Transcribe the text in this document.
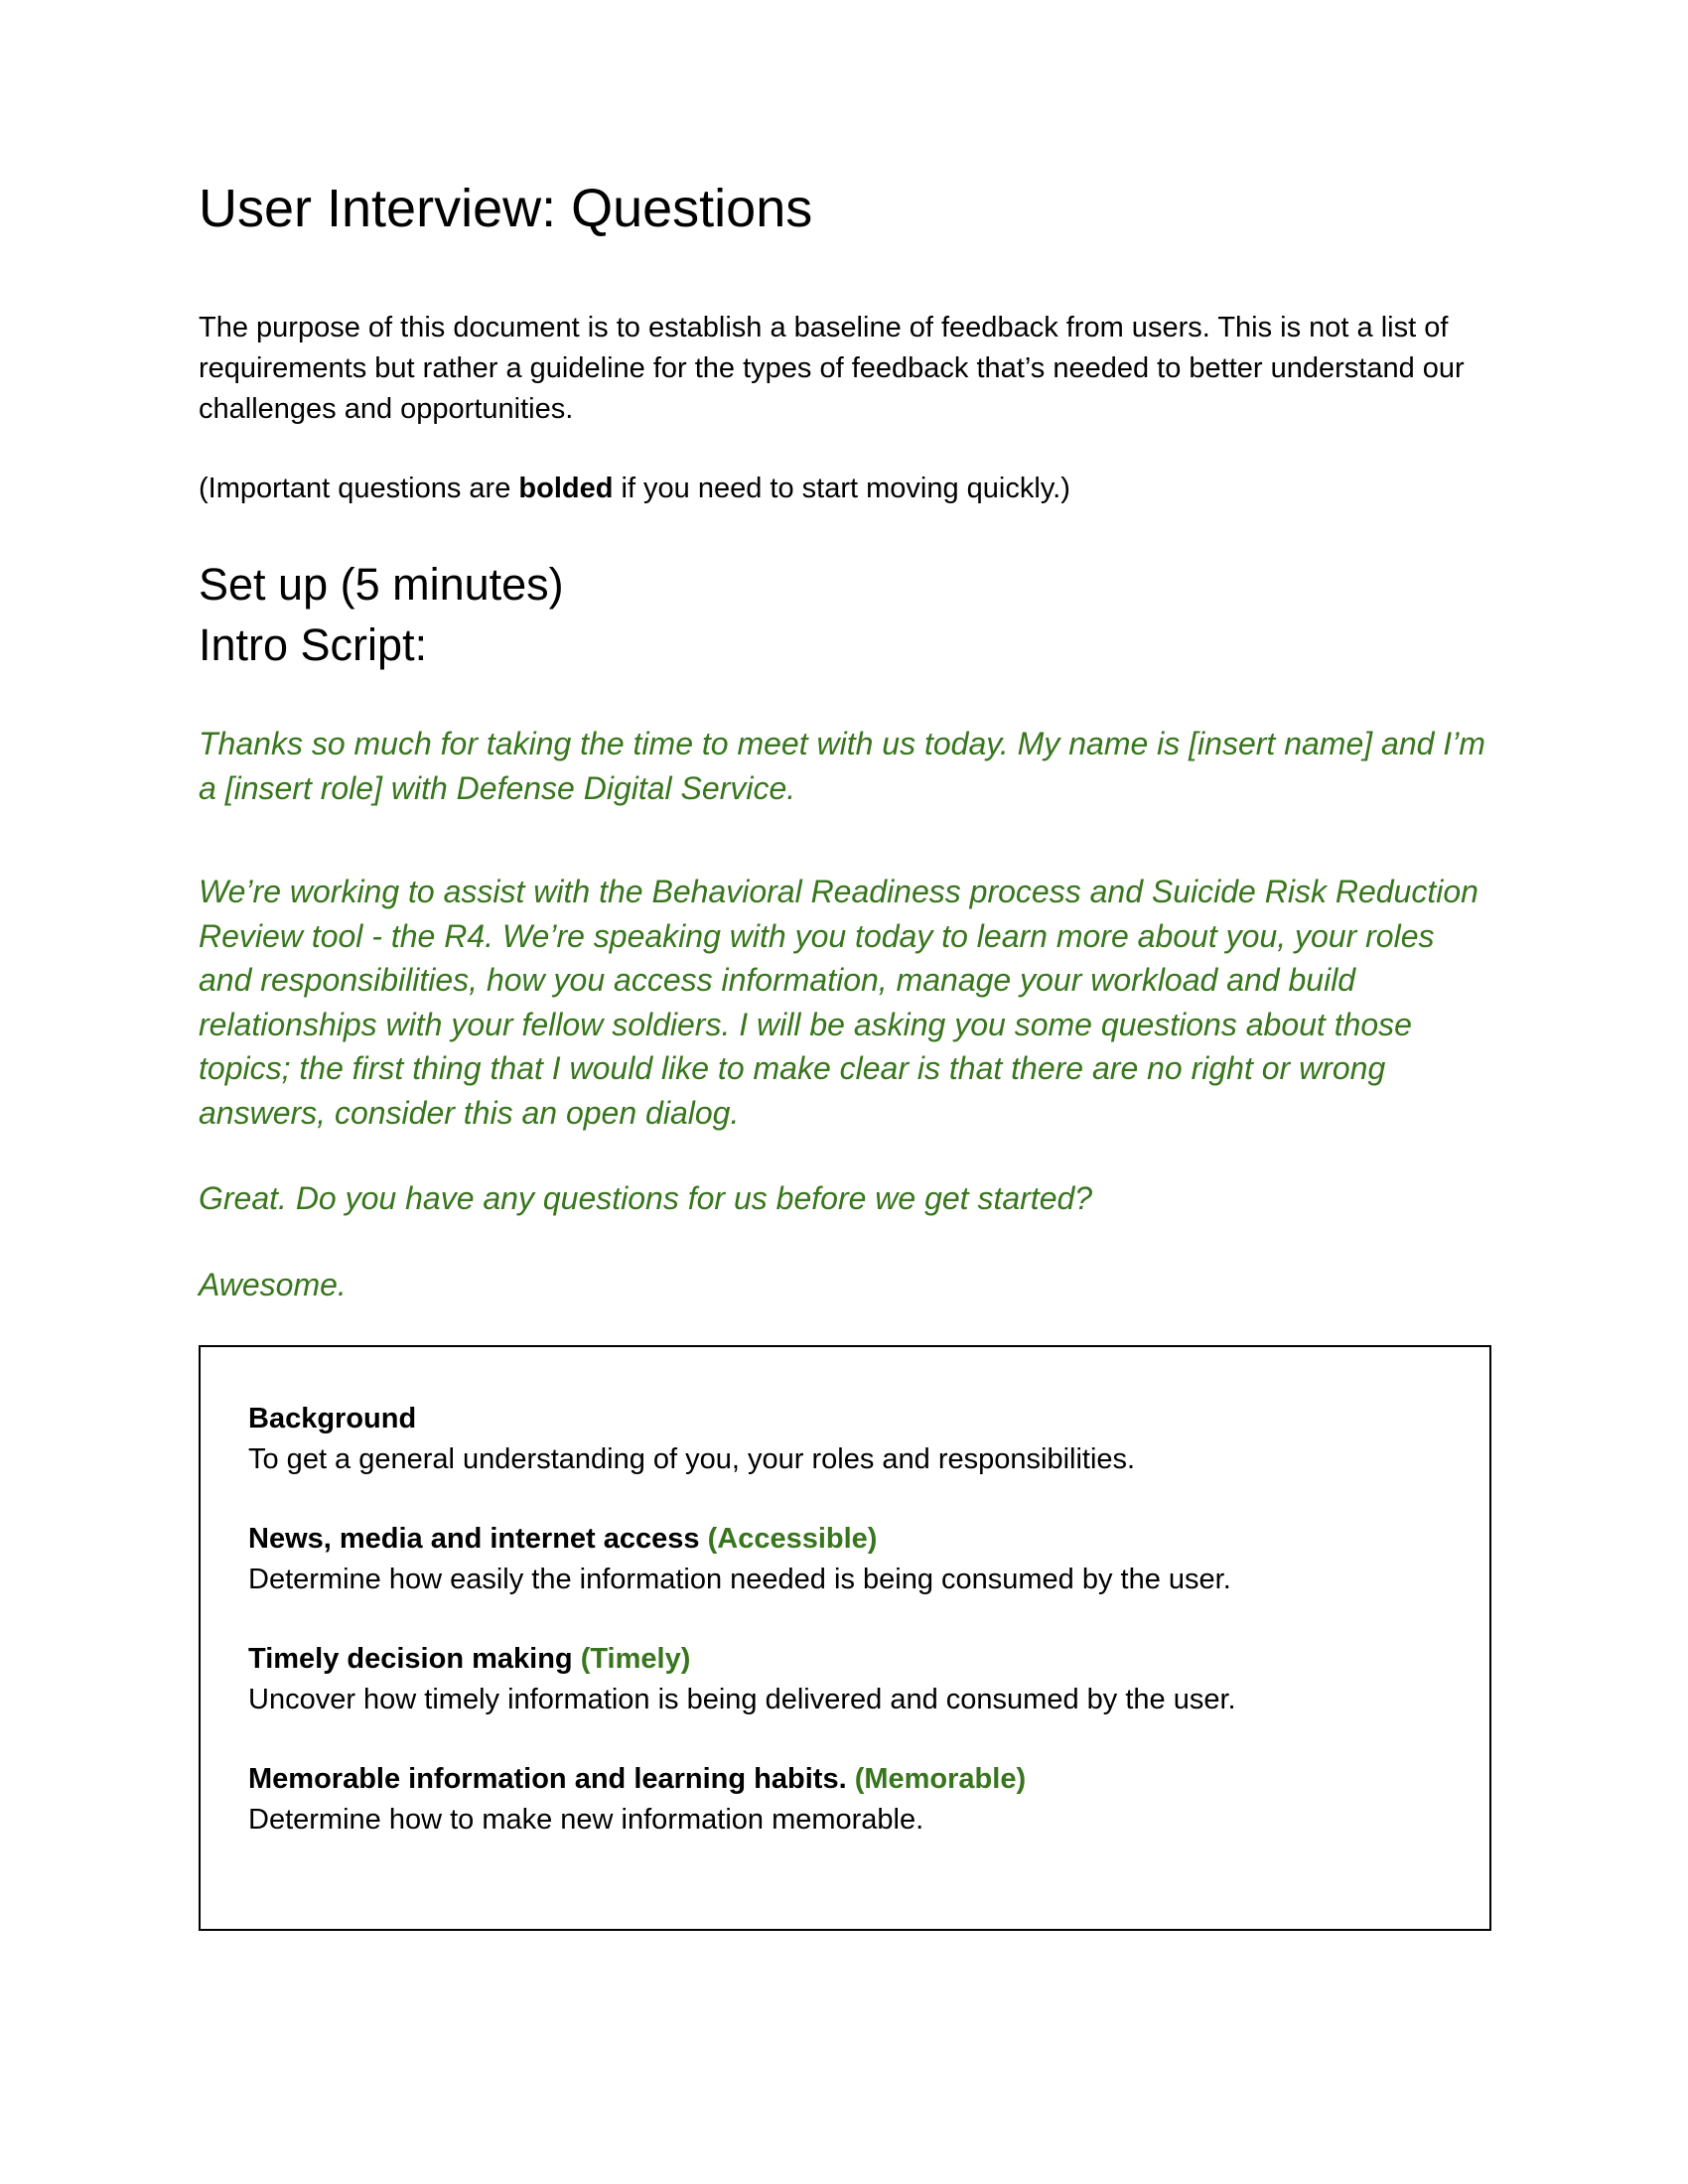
User Interview: Questions

The purpose of this document is to establish a baseline of feedback from users. This is not a list of requirements but rather a guideline for the types of feedback that’s needed to better understand our challenges and opportunities.

(Important questions are bolded if you need to start moving quickly.)

Set up (5 minutes)
Intro Script:

Thanks so much for taking the time to meet with us today. My name is [insert name] and I’m a [insert role] with Defense Digital Service.

We’re working to assist with the Behavioral Readiness process and Suicide Risk Reduction Review tool - the R4. We’re speaking with you today to learn more about you, your roles and responsibilities, how you access information, manage your workload and build relationships with your fellow soldiers. I will be asking you some questions about those topics; the first thing that I would like to make clear is that there are no right or wrong answers, consider this an open dialog.

Great. Do you have any questions for us before we get started?

Awesome.

Background

To get a general understanding of you, your roles and responsibilities.

News, media and internet access (Accessible)

Determine how easily the information needed is being consumed by the user.

Timely decision making (Timely)

Uncover how timely information is being delivered and consumed by the user.

Memorable information and learning habits. (Memorable)

Determine how to make new information memorable.
